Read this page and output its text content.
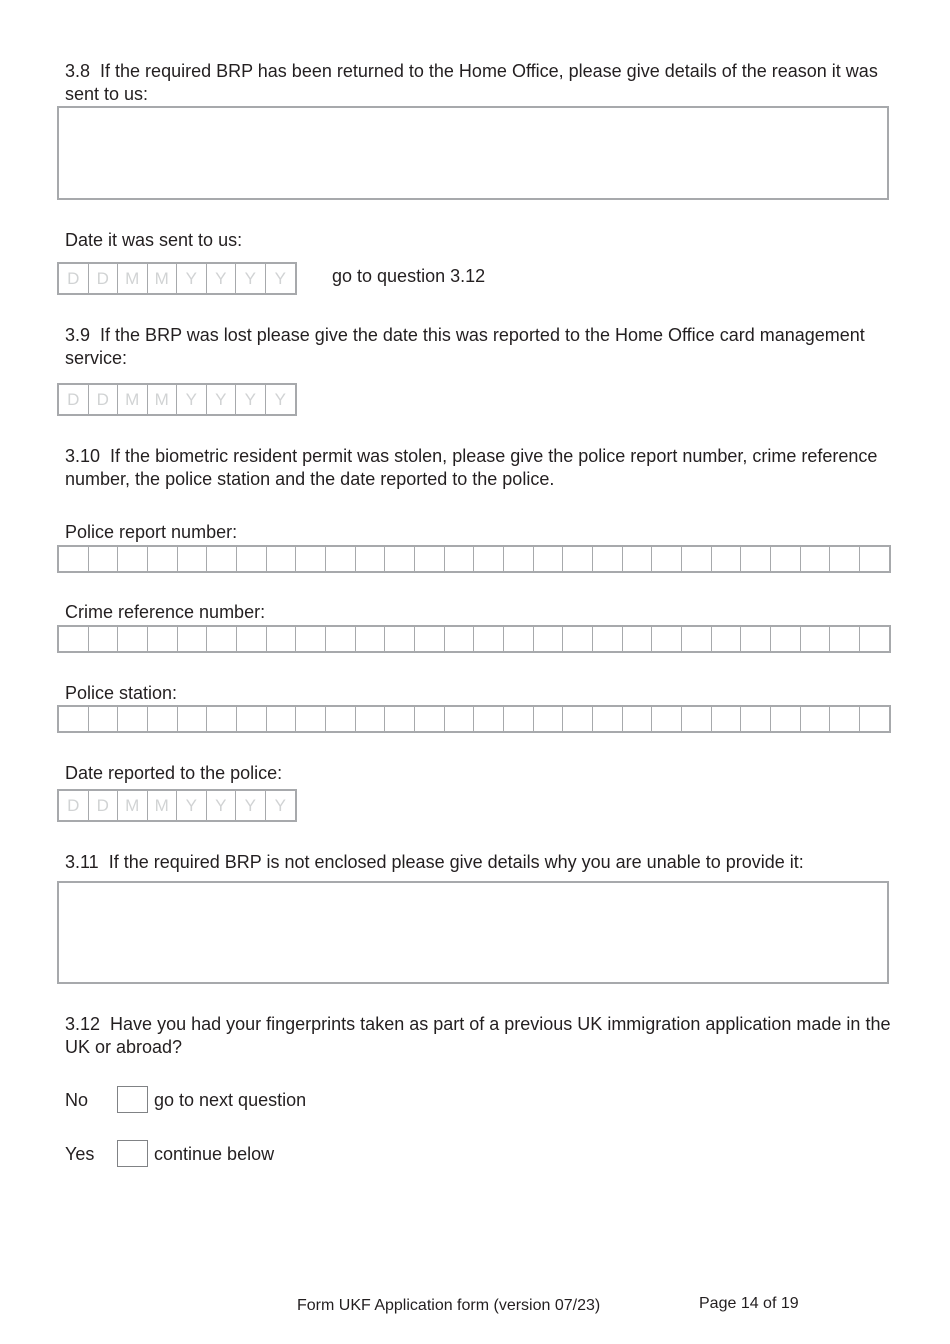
3.8 If the required BRP has been returned to the Home Office, please give details of the reason it was sent to us:
Date it was sent to us:
D	D M M Y	Y	Y	Y	go to question 3.12
3.9 If the BRP was lost please give the date this was reported to the Home Office card management service:
D	D M M Y	Y	Y	Y
3.10 If the biometric resident permit was stolen, please give the police report number, crime reference number, the police station and the date reported to the police.
Police report number:
Crime reference number:
Police station:
Date reported to the police:
D	D M M Y	Y	Y	Y
3.11 If the required BRP is not enclosed please give details why you are unable to provide it:
3.12 Have you had your fingerprints taken as part of a previous UK immigration application made in the UK or abroad?
No	go to next question
Yes	continue below
Form UKF Application form (version 07/23)	Page 14 of 19
